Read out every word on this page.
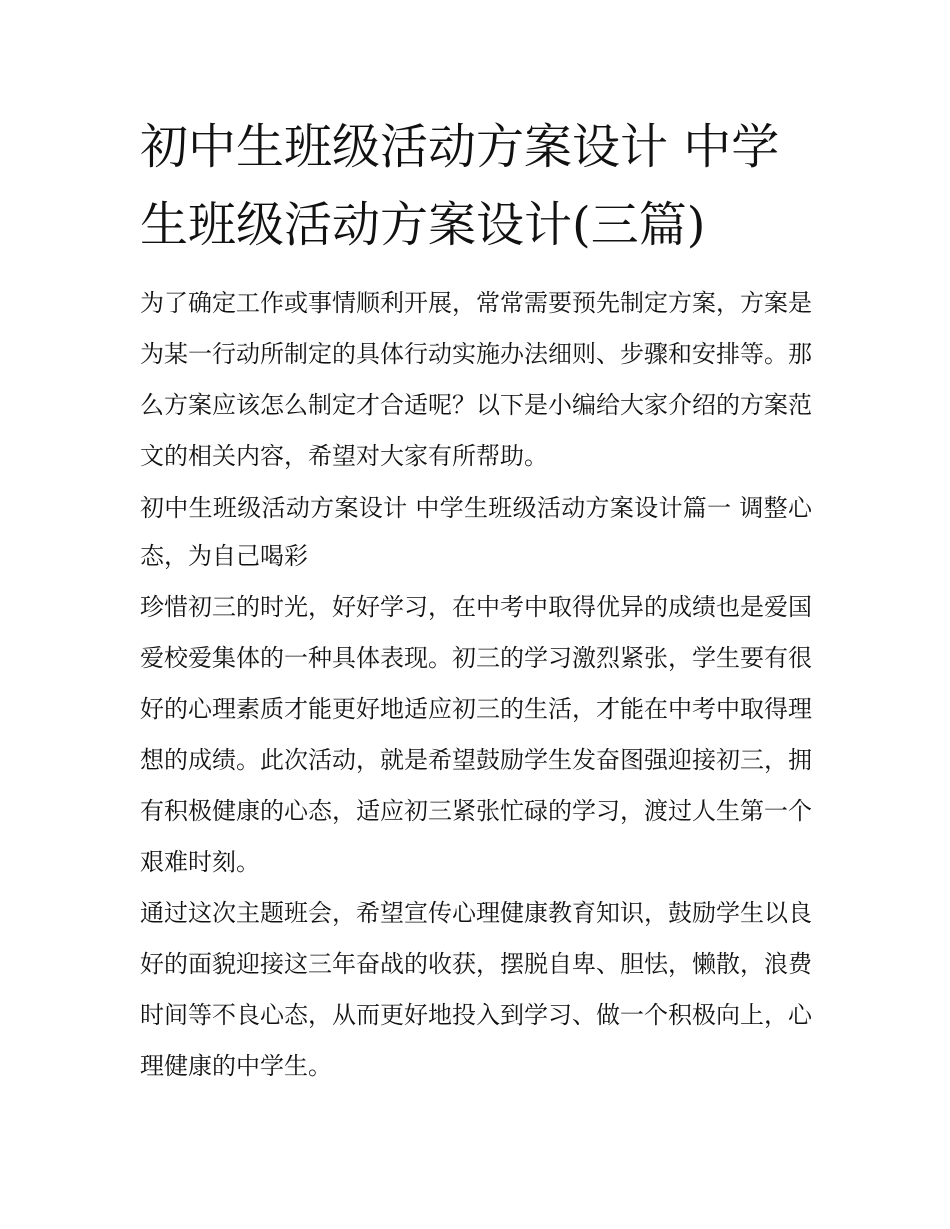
初中生班级活动方案设计 中学生班级活动方案设计(三篇)

为了确定工作或事情顺利开展，常常需要预先制定方案，方案是为某一行动所制定的具体行动实施办法细则、步骤和安排等。那么方案应该怎么制定才合适呢？以下是小编给大家介绍的方案范文的相关内容，希望对大家有所帮助。

初中生班级活动方案设计 中学生班级活动方案设计篇一 调整心态，为自己喝彩

珍惜初三的时光，好好学习，在中考中取得优异的成绩也是爱国爱校爱集体的一种具体表现。初三的学习激烈紧张，学生要有很好的心理素质才能更好地适应初三的生活，才能在中考中取得理想的成绩。此次活动，就是希望鼓励学生发奋图强迎接初三，拥有积极健康的心态，适应初三紧张忙碌的学习，渡过人生第一个艰难时刻。

通过这次主题班会，希望宣传心理健康教育知识，鼓励学生以良好的面貌迎接这三年奋战的收获，摆脱自卑、胆怯，懒散，浪费时间等不良心态，从而更好地投入到学习、做一个积极向上，心理健康的中学生。
